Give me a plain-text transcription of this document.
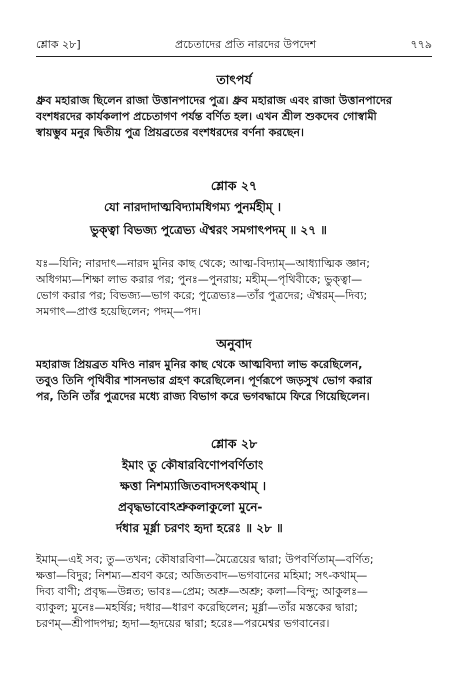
শ্লোক ২৮]	প্রচেতাদের প্রতি নারদের উপদেশ	৭৭৯
তাৎপর্য
ধ্রুব মহারাজ ছিলেন রাজা উত্তানপাদের পুত্র। ধ্রুব মহারাজ এবং রাজা উত্তানপাদের
বংশধরদের কার্যকলাপ প্রচেতাগণ পর্যন্ত বর্ণিত হল। এখন শ্রীল শুকদেব গোস্বামী
স্বায়ম্ভুব মনুর দ্বিতীয় পুত্র প্রিয়ব্রতের বংশধরদের বর্ণনা করছেন।
শ্লোক ২৭
যো নারদাদাত্মবিদ্যামধিগম্য পুনর্মহীম্ ।
ভুক্ত্বা বিভজ্য পুত্রেভ্য ঐশ্বরং সমগাৎপদম্ ॥ ২৭ ॥
যঃ—যিনি; নারদাৎ—নারদ মুনির কাছ থেকে; আত্ম-বিদ্যাম্—আধ্যাত্মিক জ্ঞান;
অধিগম্য—শিক্ষা লাভ করার পর; পুনঃ—পুনরায়; মহীম্—পৃথিবীকে; ভুক্ত্বা—
ভোগ করার পর; বিভজ্য—ভাগ করে; পুত্রেভ্যঃ—তাঁর পুত্রদের; ঐশ্বরম্—দিব্য;
সমগাৎ—প্রাপ্ত হয়েছিলেন; পদম্—পদ।
অনুবাদ
মহারাজ প্রিয়ব্রত যদিও নারদ মুনির কাছ থেকে আত্মবিদ্যা লাভ করেছিলেন,
তবুও তিনি পৃথিবীর শাসনভার গ্রহণ করেছিলেন। পূর্ণরূপে জড়সুখ ভোগ করার
পর, তিনি তাঁর পুত্রদের মধ্যে রাজ্য বিভাগ করে ভগবদ্ধামে ফিরে গিয়েছিলেন।
শ্লোক ২৮
ইমাং তু কৌষারবিণোপবর্ণিতাং
ক্ষত্তা নিশম্যাজিতবাদসৎকথাম্ ।
প্রবৃদ্ধভাবোঽশ্রুকলাকুলো মুনে-
র্দধার মূর্ধ্না চরণং হৃদা হরেঃ ॥ ২৮ ॥
ইমাম্—এই সব; তু—তখন; কৌষারবিণা—মৈত্রেয়ের দ্বারা; উপবর্ণিতাম্—বর্ণিত;
ক্ষত্তা—বিদুর; নিশম্য—শ্রবণ করে; অজিতবাদ—ভগবানের মহিমা; সৎ-কথাম্—
দিব্য বাণী; প্রবৃদ্ধ—উন্নত; ভাবঃ—প্রেম; অশ্রু—অশ্রু; কলা—বিন্দু; আকুলঃ—
ব্যাকুল; মুনেঃ—মহর্ষির; দধার—ধারণ করেছিলেন; মূর্ধ্না—তাঁর মস্তকের দ্বারা;
চরণম্—শ্রীপাদপদ্ম; হৃদা—হৃদয়ের দ্বারা; হরেঃ—পরমেশ্বর ভগবানের।
